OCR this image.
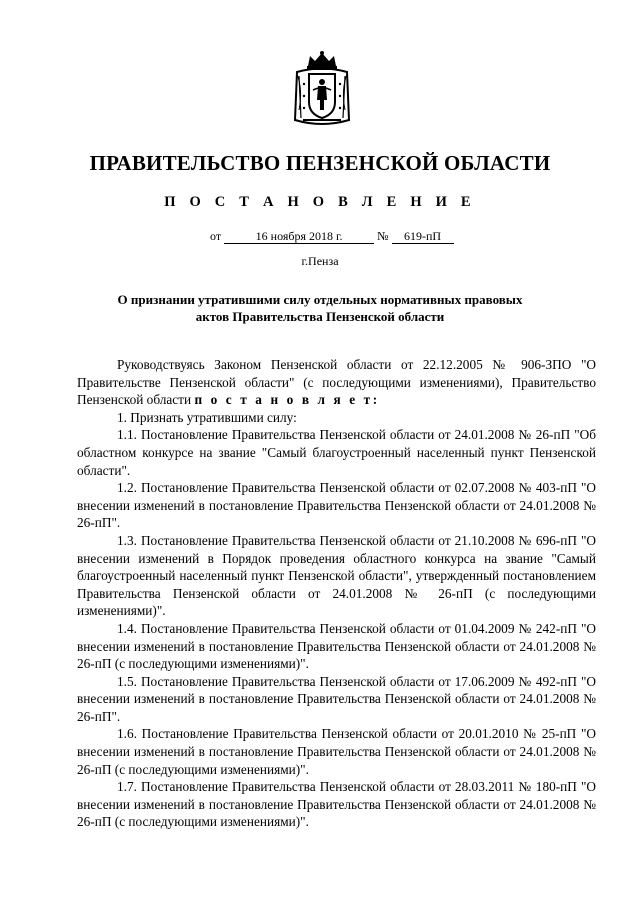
ПРАВИТЕЛЬСТВО ПЕНЗЕНСКОЙ ОБЛАСТИ
П О С Т А Н О В Л Е Н И Е
от	16 ноября 2018 г.	№ 619-пП
г.Пенза
О признании утратившими силу отдельных нормативных правовых
актов Правительства Пензенской области

Руководствуясь Законом Пензенской области от 22.12.2005 № 906-ЗПО "О Правительстве Пензенской области" (с последующими изменениями), Правительство Пензенской области п о с т а н о в л я е т:

1. Признать утратившими силу:

1.1. Постановление Правительства Пензенской области от 24.01.2008 № 26-пП "Об областном конкурсе на звание "Самый благоустроенный населенный пункт Пензенской области".

1.2. Постановление Правительства Пензенской области от 02.07.2008 № 403-пП "О внесении изменений в постановление Правительства Пензенской области от 24.01.2008 № 26-пП".

1.3. Постановление Правительства Пензенской области от 21.10.2008 № 696-пП "О внесении изменений в Порядок проведения областного конкурса на звание "Самый благоустроенный населенный пункт Пензенской области", утвержденный постановлением Правительства Пензенской области от 24.01.2008 № 26-пП (с последующими изменениями)".

1.4. Постановление Правительства Пензенской области от 01.04.2009 № 242-пП "О внесении изменений в постановление Правительства Пензенской области от 24.01.2008 № 26-пП (с последующими изменениями)".

1.5. Постановление Правительства Пензенской области от 17.06.2009 № 492-пП "О внесении изменений в постановление Правительства Пензенской области от 24.01.2008 № 26-пП".

1.6. Постановление Правительства Пензенской области от 20.01.2010 № 25-пП "О внесении изменений в постановление Правительства Пензенской области от 24.01.2008 № 26-пП (с последующими изменениями)".

1.7. Постановление Правительства Пензенской области от 28.03.2011 № 180-пП "О внесении изменений в постановление Правительства Пензенской области от 24.01.2008 № 26-пП (с последующими изменениями)".
